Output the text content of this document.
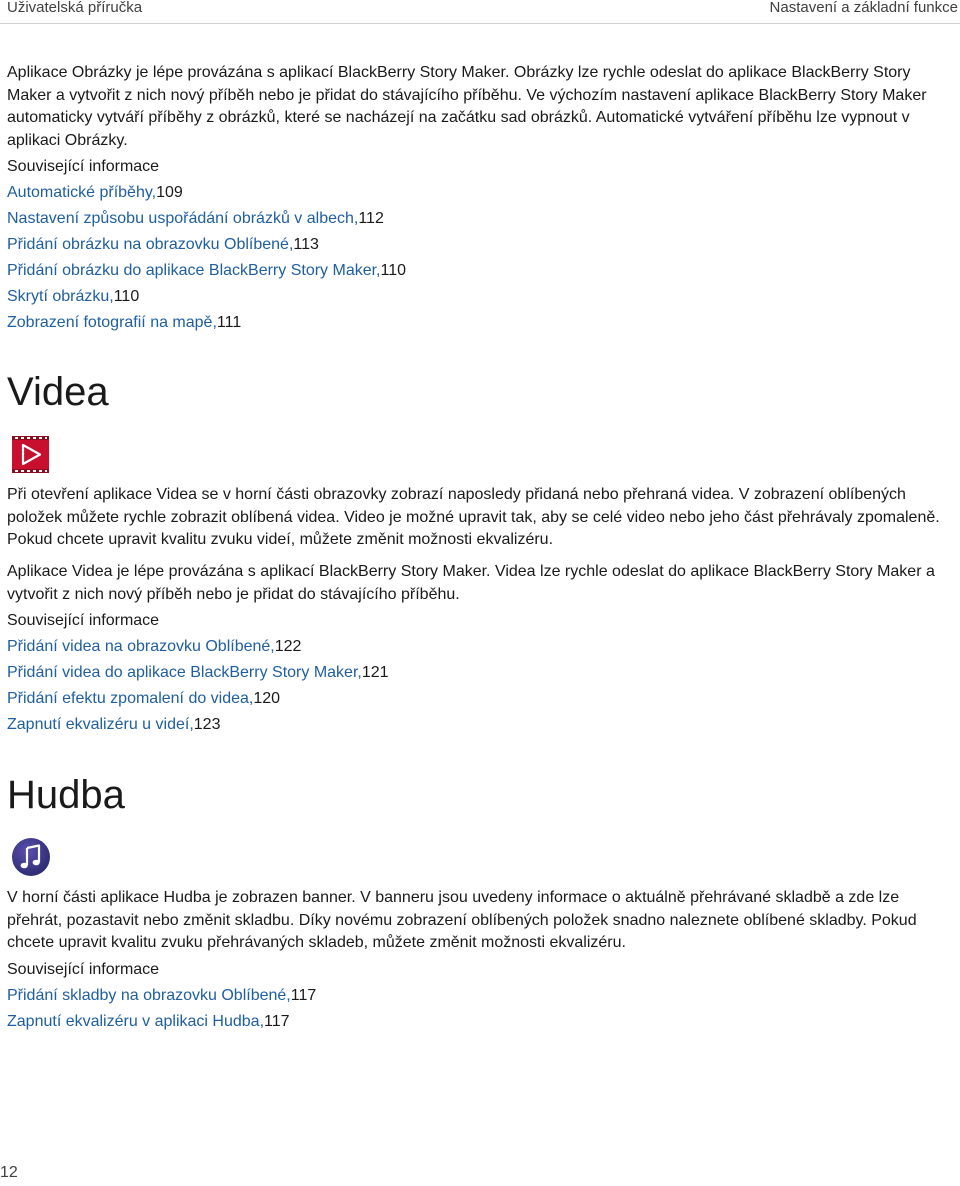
Uživatelská příručka	Nastavení a základní funkce

Aplikace Obrázky je lépe provázána s aplikací BlackBerry Story Maker. Obrázky lze rychle odeslat do aplikace BlackBerry Story Maker a vytvořit z nich nový příběh nebo je přidat do stávajícího příběhu. Ve výchozím nastavení aplikace BlackBerry Story Maker automaticky vytváří příběhy z obrázků, které se nacházejí na začátku sad obrázků. Automatické vytváření příběhu lze vypnout v aplikaci Obrázky.

Související informace
Automatické příběhy,109
Nastavení způsobu uspořádání obrázků v albech,112
Přidání obrázku na obrazovku Oblíbené,113
Přidání obrázku do aplikace BlackBerry Story Maker,110
Skrytí obrázku,110
Zobrazení fotografií na mapě,111
Videa

Při otevření aplikace Videa se v horní části obrazovky zobrazí naposledy přidaná nebo přehraná videa. V zobrazení oblíbených položek můžete rychle zobrazit oblíbená videa. Video je možné upravit tak, aby se celé video nebo jeho část přehrávaly zpomaleně. Pokud chcete upravit kvalitu zvuku videí, můžete změnit možnosti ekvalizéru.

Aplikace Videa je lépe provázána s aplikací BlackBerry Story Maker. Videa lze rychle odeslat do aplikace BlackBerry Story Maker a vytvořit z nich nový příběh nebo je přidat do stávajícího příběhu.

Související informace
Přidání videa na obrazovku Oblíbené,122
Přidání videa do aplikace BlackBerry Story Maker,121
Přidání efektu zpomalení do videa,120
Zapnutí ekvalizéru u videí,123
Hudba

V horní části aplikace Hudba je zobrazen banner. V banneru jsou uvedeny informace o aktuálně přehrávané skladbě a zde lze přehrát, pozastavit nebo změnit skladbu. Díky novému zobrazení oblíbených položek snadno naleznete oblíbené skladby. Pokud chcete upravit kvalitu zvuku přehrávaných skladeb, můžete změnit možnosti ekvalizéru.

Související informace
Přidání skladby na obrazovku Oblíbené,117
Zapnutí ekvalizéru v aplikaci Hudba,117
12
